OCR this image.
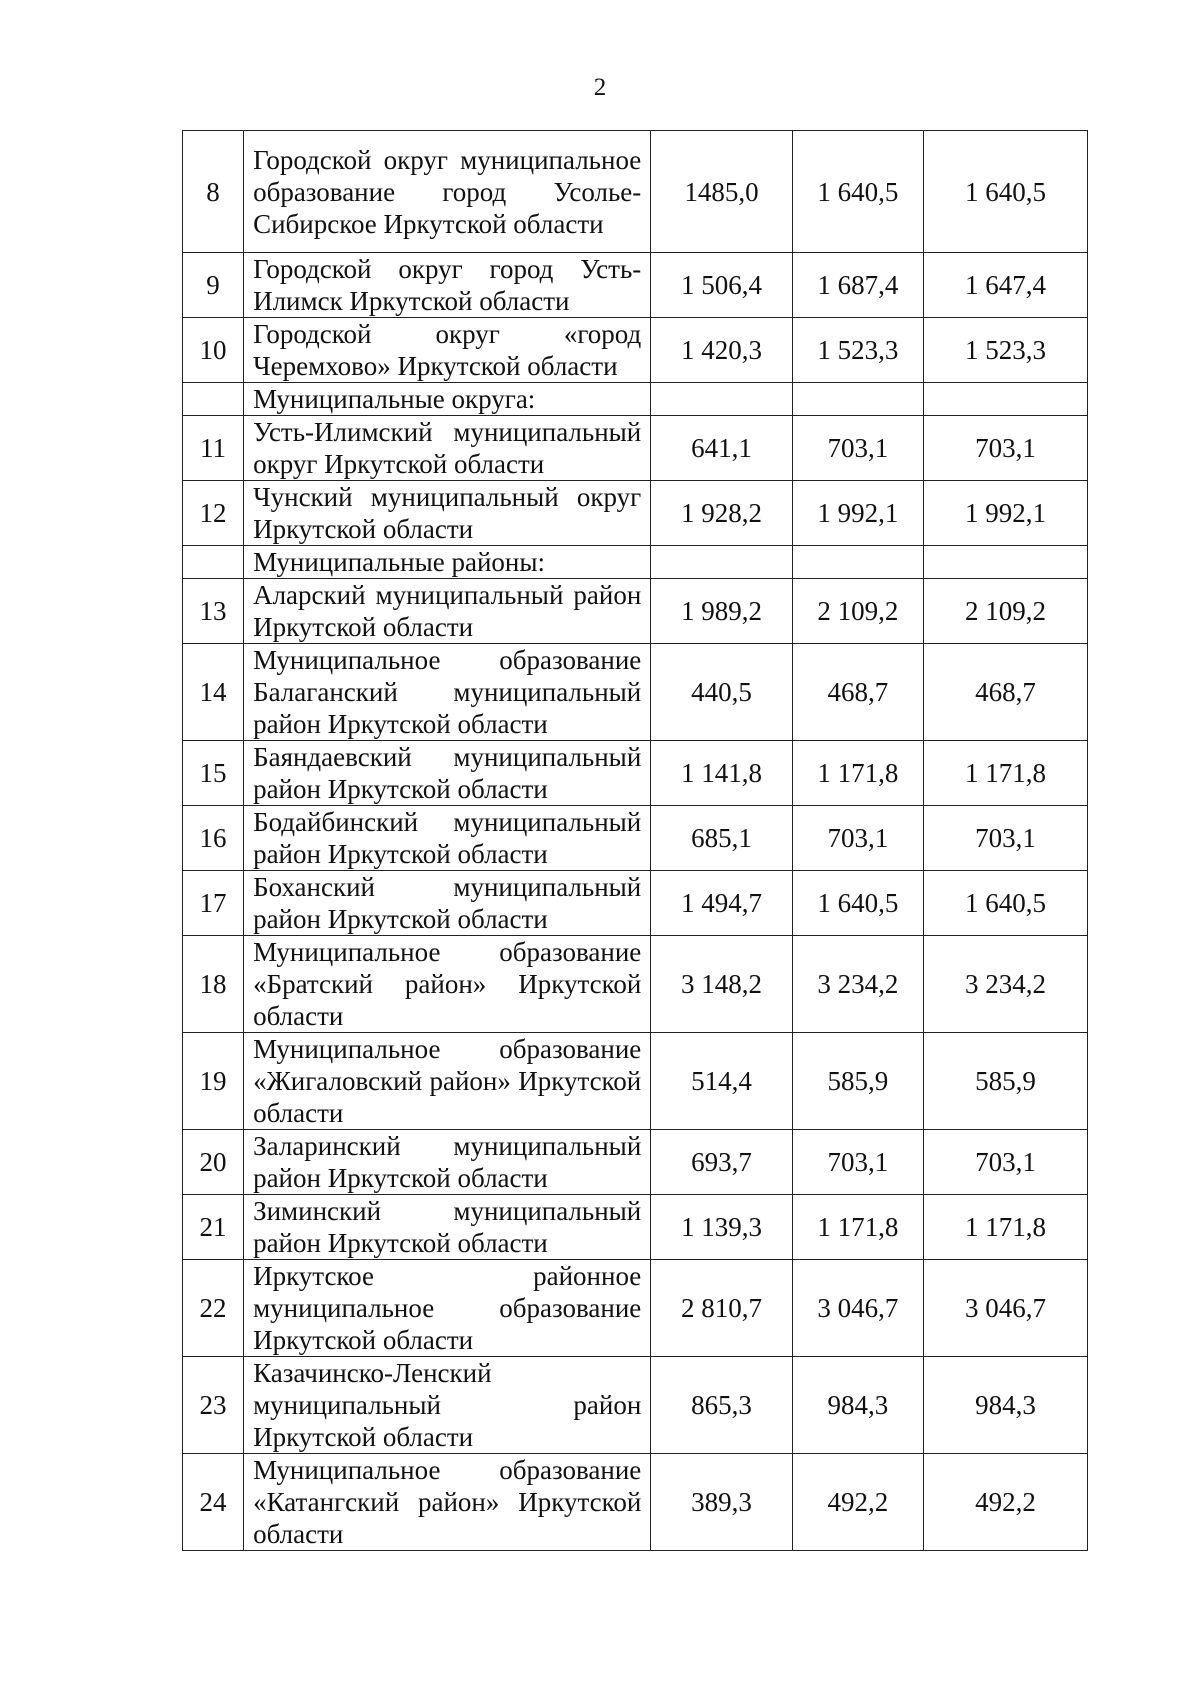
2
8	Городской округ муниципальное образование город Усолье-Сибирское Иркутской области	1485,0	1 640,5	1 640,5
9	Городской округ город Усть-Илимск Иркутской области	1 506,4	1 687,4	1 647,4
10	Городской округ «город Черемхово» Иркутской области	1 420,3	1 523,3	1 523,3
	Муниципальные округа:			
11	Усть-Илимский муниципальный округ Иркутской области	641,1	703,1	703,1
12	Чунский муниципальный округ Иркутской области	1 928,2	1 992,1	1 992,1
	Муниципальные районы:			
13	Аларский муниципальный район Иркутской области	1 989,2	2 109,2	2 109,2
14	Муниципальное образование Балаганский муниципальный район Иркутской области	440,5	468,7	468,7
15	Баяндаевский муниципальный район Иркутской области	1 141,8	1 171,8	1 171,8
16	Бодайбинский муниципальный район Иркутской области	685,1	703,1	703,1
17	Боханский муниципальный район Иркутской области	1 494,7	1 640,5	1 640,5
18	Муниципальное образование «Братский район» Иркутской области	3 148,2	3 234,2	3 234,2
19	Муниципальное образование «Жигаловский район» Иркутской области	514,4	585,9	585,9
20	Заларинский муниципальный район Иркутской области	693,7	703,1	703,1
21	Зиминский муниципальный район Иркутской области	1 139,3	1 171,8	1 171,8
22	Иркутское районное муниципальное образование Иркутской области	2 810,7	3 046,7	3 046,7
23	Казачинско-Ленский муниципальный район Иркутской области	865,3	984,3	984,3
24	Муниципальное образование «Катангский район» Иркутской области	389,3	492,2	492,2
